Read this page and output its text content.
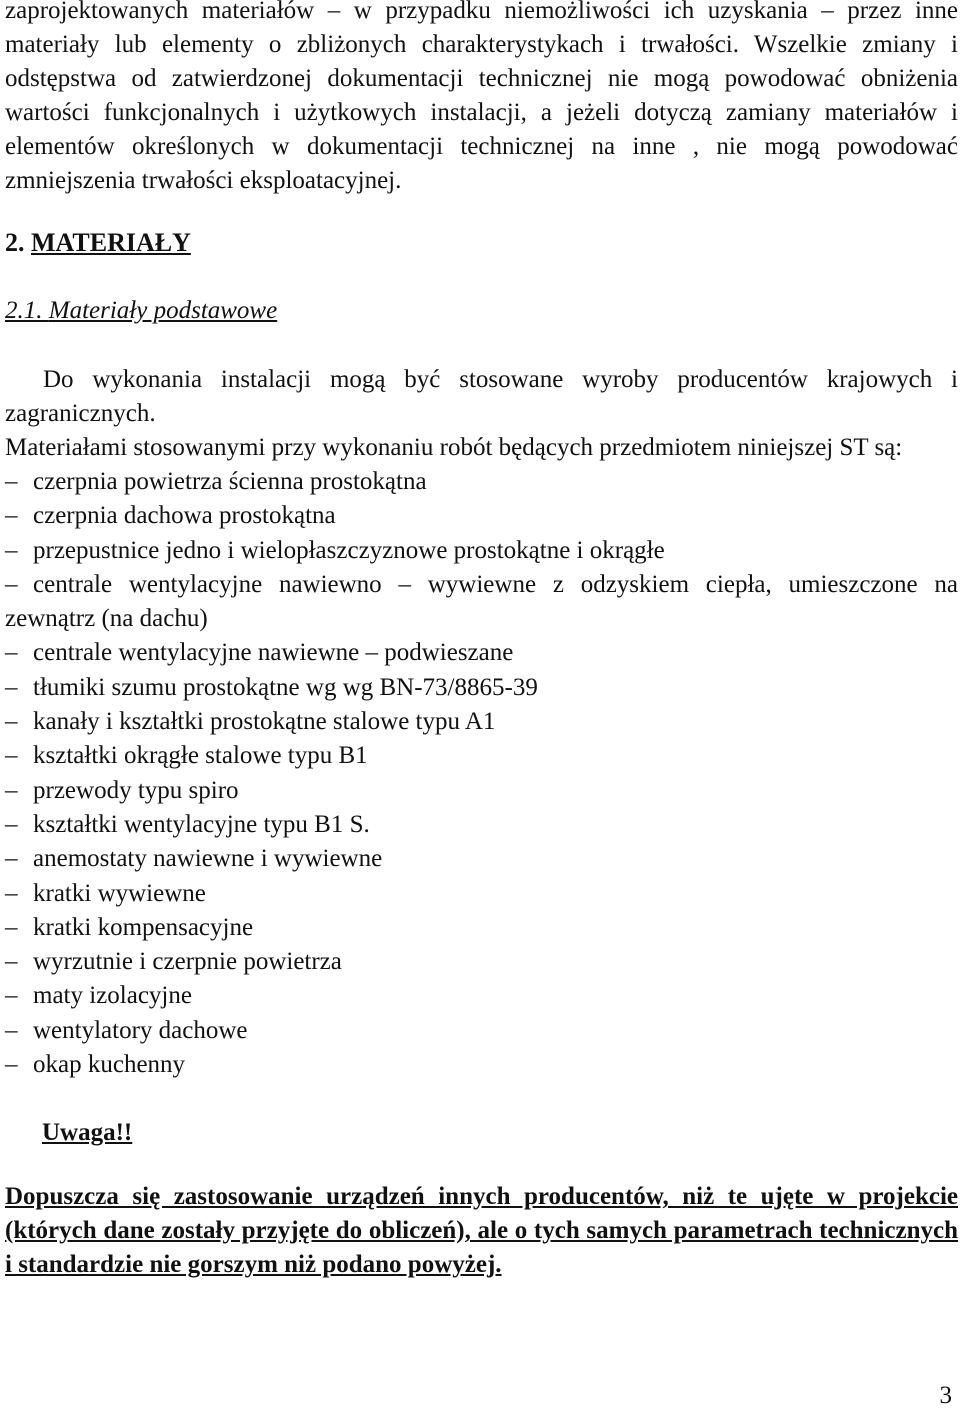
zaprojektowanych materiałów – w przypadku niemożliwości ich uzyskania – przez inne materiały lub elementy o zbliżonych charakterystykach i trwałości. Wszelkie zmiany i odstępstwa od zatwierdzonej dokumentacji technicznej nie mogą powodować obniżenia wartości funkcjonalnych i użytkowych instalacji, a jeżeli dotyczą zamiany materiałów i elementów określonych w dokumentacji technicznej na inne , nie mogą powodować zmniejszenia trwałości eksploatacyjnej.

2. MATERIAŁY
2.1. Materiały podstawowe

Do wykonania instalacji mogą być stosowane wyroby producentów krajowych i zagranicznych.

Materiałami stosowanymi przy wykonaniu robót będących przedmiotem niniejszej ST są:

– czerpnia powietrza ścienna prostokątna
– czerpnia dachowa prostokątna
– przepustnice jedno i wielopłaszczyznowe prostokątne i okrągłe
– centrale wentylacyjne nawiewno – wywiewne z odzyskiem ciepła, umieszczone na zewnątrz (na dachu)
– centrale wentylacyjne nawiewne – podwieszane
– tłumiki szumu prostokątne wg wg BN-73/8865-39
– kanały i kształtki prostokątne stalowe typu A1
– kształtki okrągłe stalowe typu B1
– przewody typu spiro
– kształtki wentylacyjne typu B1 S.
– anemostaty nawiewne i wywiewne
– kratki wywiewne
– kratki kompensacyjne
– wyrzutnie i czerpnie powietrza
– maty izolacyjne
– wentylatory dachowe
– okap kuchenny
Uwaga!!

Dopuszcza się zastosowanie urządzeń innych producentów, niż te ujęte w projekcie (których dane zostały przyjęte do obliczeń), ale o tych samych parametrach technicznych i standardzie nie gorszym niż podano powyżej.

3
